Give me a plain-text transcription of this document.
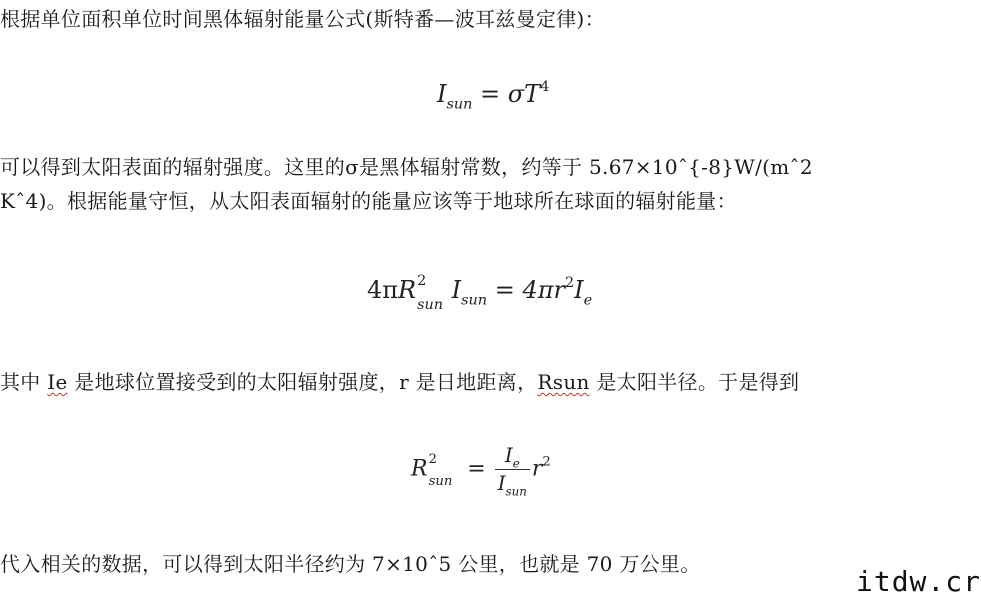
根据单位面积单位时间黑体辐射能量公式(斯特番—波耳兹曼定律)：
$I_{sun} = \sigma T^4$
可以得到太阳表面的辐射强度。这里的σ是黑体辐射常数，约等于 5.67×10ˆ{-8}W/(mˆ2
Kˆ4)。根据能量守恒，从太阳表面辐射的能量应该等于地球所在球面的辐射能量：
4πR 2
sun
$I_{sun} = 4\pi r^2I_e$
其中 Ie 是地球位置接受到的太阳辐射强度，r 是日地距离，Rsun 是太阳半径。于是得到
R 2
sun
= $\frac{I_e}{I_{sun}} r^2$
代入相关的数据，可以得到太阳半径约为 7×10ˆ5 公里，也就是 70 万公里。
itdw.cr
